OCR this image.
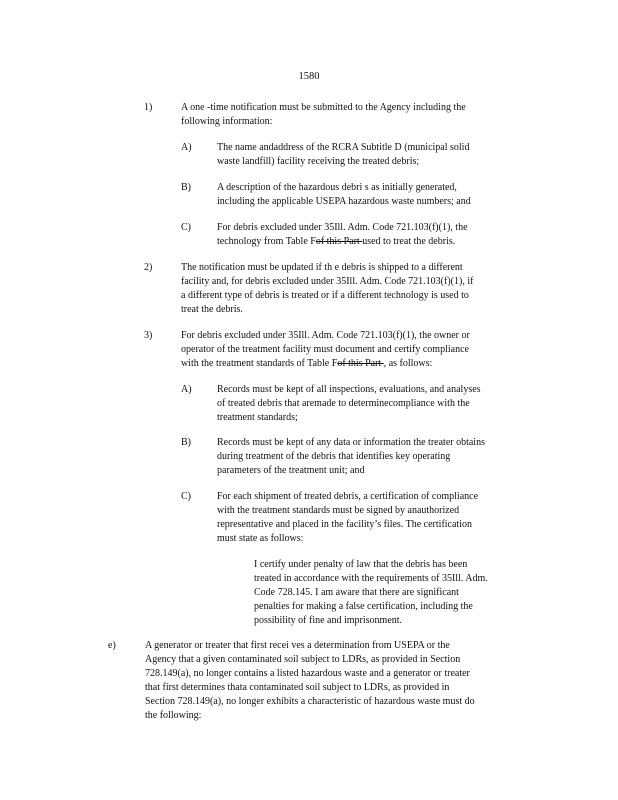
1580
1)	A one -time notification must be submitted to the Agency including the

following information:

A)	The name andaddress of the RCRA Subtitle D (municipal solid

waste landfill) facility receiving the treated debris;

B)	A description of the hazardous debri s as initially generated,

including the applicable USEPA hazardous waste numbers; and

C)	For debris excluded under 35Ill. Adm. Code 721.103(f)(1), the

technology from Table Fof this Part used to treat the debris.

2)	The notification must be updated if th e debris is shipped to a different

facility and, for debris excluded under 35Ill. Adm. Code 721.103(f)(1), if

a different type of debris is treated or if a different technology is used to

treat the debris.

3)	For debris excluded under 35Ill. Adm. Code 721.103(f)(1), the owner or

operator of the treatment facility must document and certify compliance

with the treatment standards of Table Fof this Part , as follows:

A)	Records must be kept of all inspections, evaluations, and analyses

of treated debris that aremade to determinecompliance with the

treatment standards;

B)	Records must be kept of any data or information the treater obtains

during treatment of the debris that identifies key operating

parameters of the treatment unit; and

C)	For each shipment of treated debris, a certification of compliance

with the treatment standards must be signed by anauthorized

representative and placed in the facility’s files. The certification

must state as follows:

I certify under penalty of law that the debris has been

treated in accordance with the requirements of 35Ill. Adm.

Code 728.145. I am aware that there are significant

penalties for making a false certification, including the

possibility of fine and imprisonment.

e)	A generator or treater that first recei ves a determination from USEPA or the

Agency that a given contaminated soil subject to LDRs, as provided in Section

728.149(a), no longer contains a listed hazardous waste and a generator or treater

that first determines thata contaminated soil subject to LDRs, as provided in

Section 728.149(a), no longer exhibits a characteristic of hazardous waste must do

the following:
